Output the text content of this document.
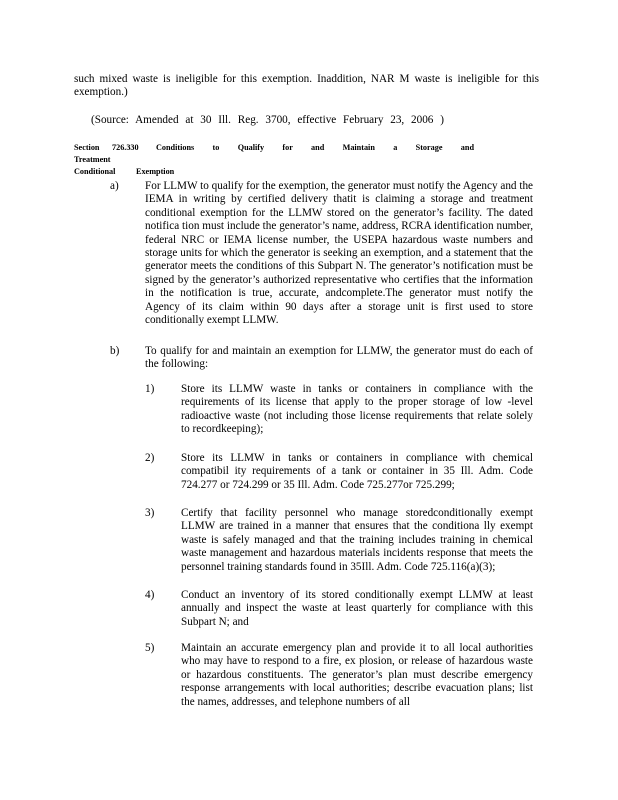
such mixed waste is ineligible for this exemption. Inaddition, NAR M waste is ineligible for this exemption.)

(Source: Amended at 30 Ill. Reg. 3700, effective February 23, 2006 )

Section 726.330 Conditions to Qualify for and Maintain a Storage and Treatment
Conditional	Exemption
a)	For LLMW to qualify for the exemption, the generator must notify the Agency and the IEMA in writing by certified delivery thatit is claiming a storage and treatment conditional exemption for the LLMW stored on the generator’s facility. The dated notifica tion must include the generator’s name, address, RCRA identification number, federal NRC or IEMA license number, the USEPA hazardous waste numbers and storage units for which the generator is seeking an exemption, and a statement that the generator meets the conditions of this Subpart N. The generator’s notification must be signed by the generator’s authorized representative who certifies that the information in the notification is true, accurate, andcomplete.The generator must notify the Agency of its claim within 90 days after a storage unit is first used to store conditionally exempt LLMW.

b)	To qualify for and maintain an exemption for LLMW, the generator must do each of the following:

1)	Store its LLMW waste in tanks or containers in compliance with the requirements of its license that apply to the proper storage of low -level radioactive waste (not including those license requirements that relate solely to recordkeeping);

2)	Store its LLMW in tanks or containers in compliance with chemical compatibil ity requirements of a tank or container in 35 Ill. Adm. Code 724.277 or 724.299 or 35 Ill. Adm. Code 725.277or 725.299;

3)	Certify that facility personnel who manage storedconditionally exempt LLMW are trained in a manner that ensures that the conditiona lly exempt waste is safely managed and that the training includes training in chemical waste management and hazardous materials incidents response that meets the personnel training standards found in 35Ill. Adm. Code 725.116(a)(3);

4)	Conduct an inventory of its stored conditionally exempt LLMW at least annually and inspect the waste at least quarterly for compliance with this Subpart N; and

5)	Maintain an accurate emergency plan and provide it to all local authorities who may have to respond to a fire, ex plosion, or release of hazardous waste or hazardous constituents. The generator’s plan must describe emergency response arrangements with local authorities; describe evacuation plans; list the names, addresses, and telephone numbers of all
